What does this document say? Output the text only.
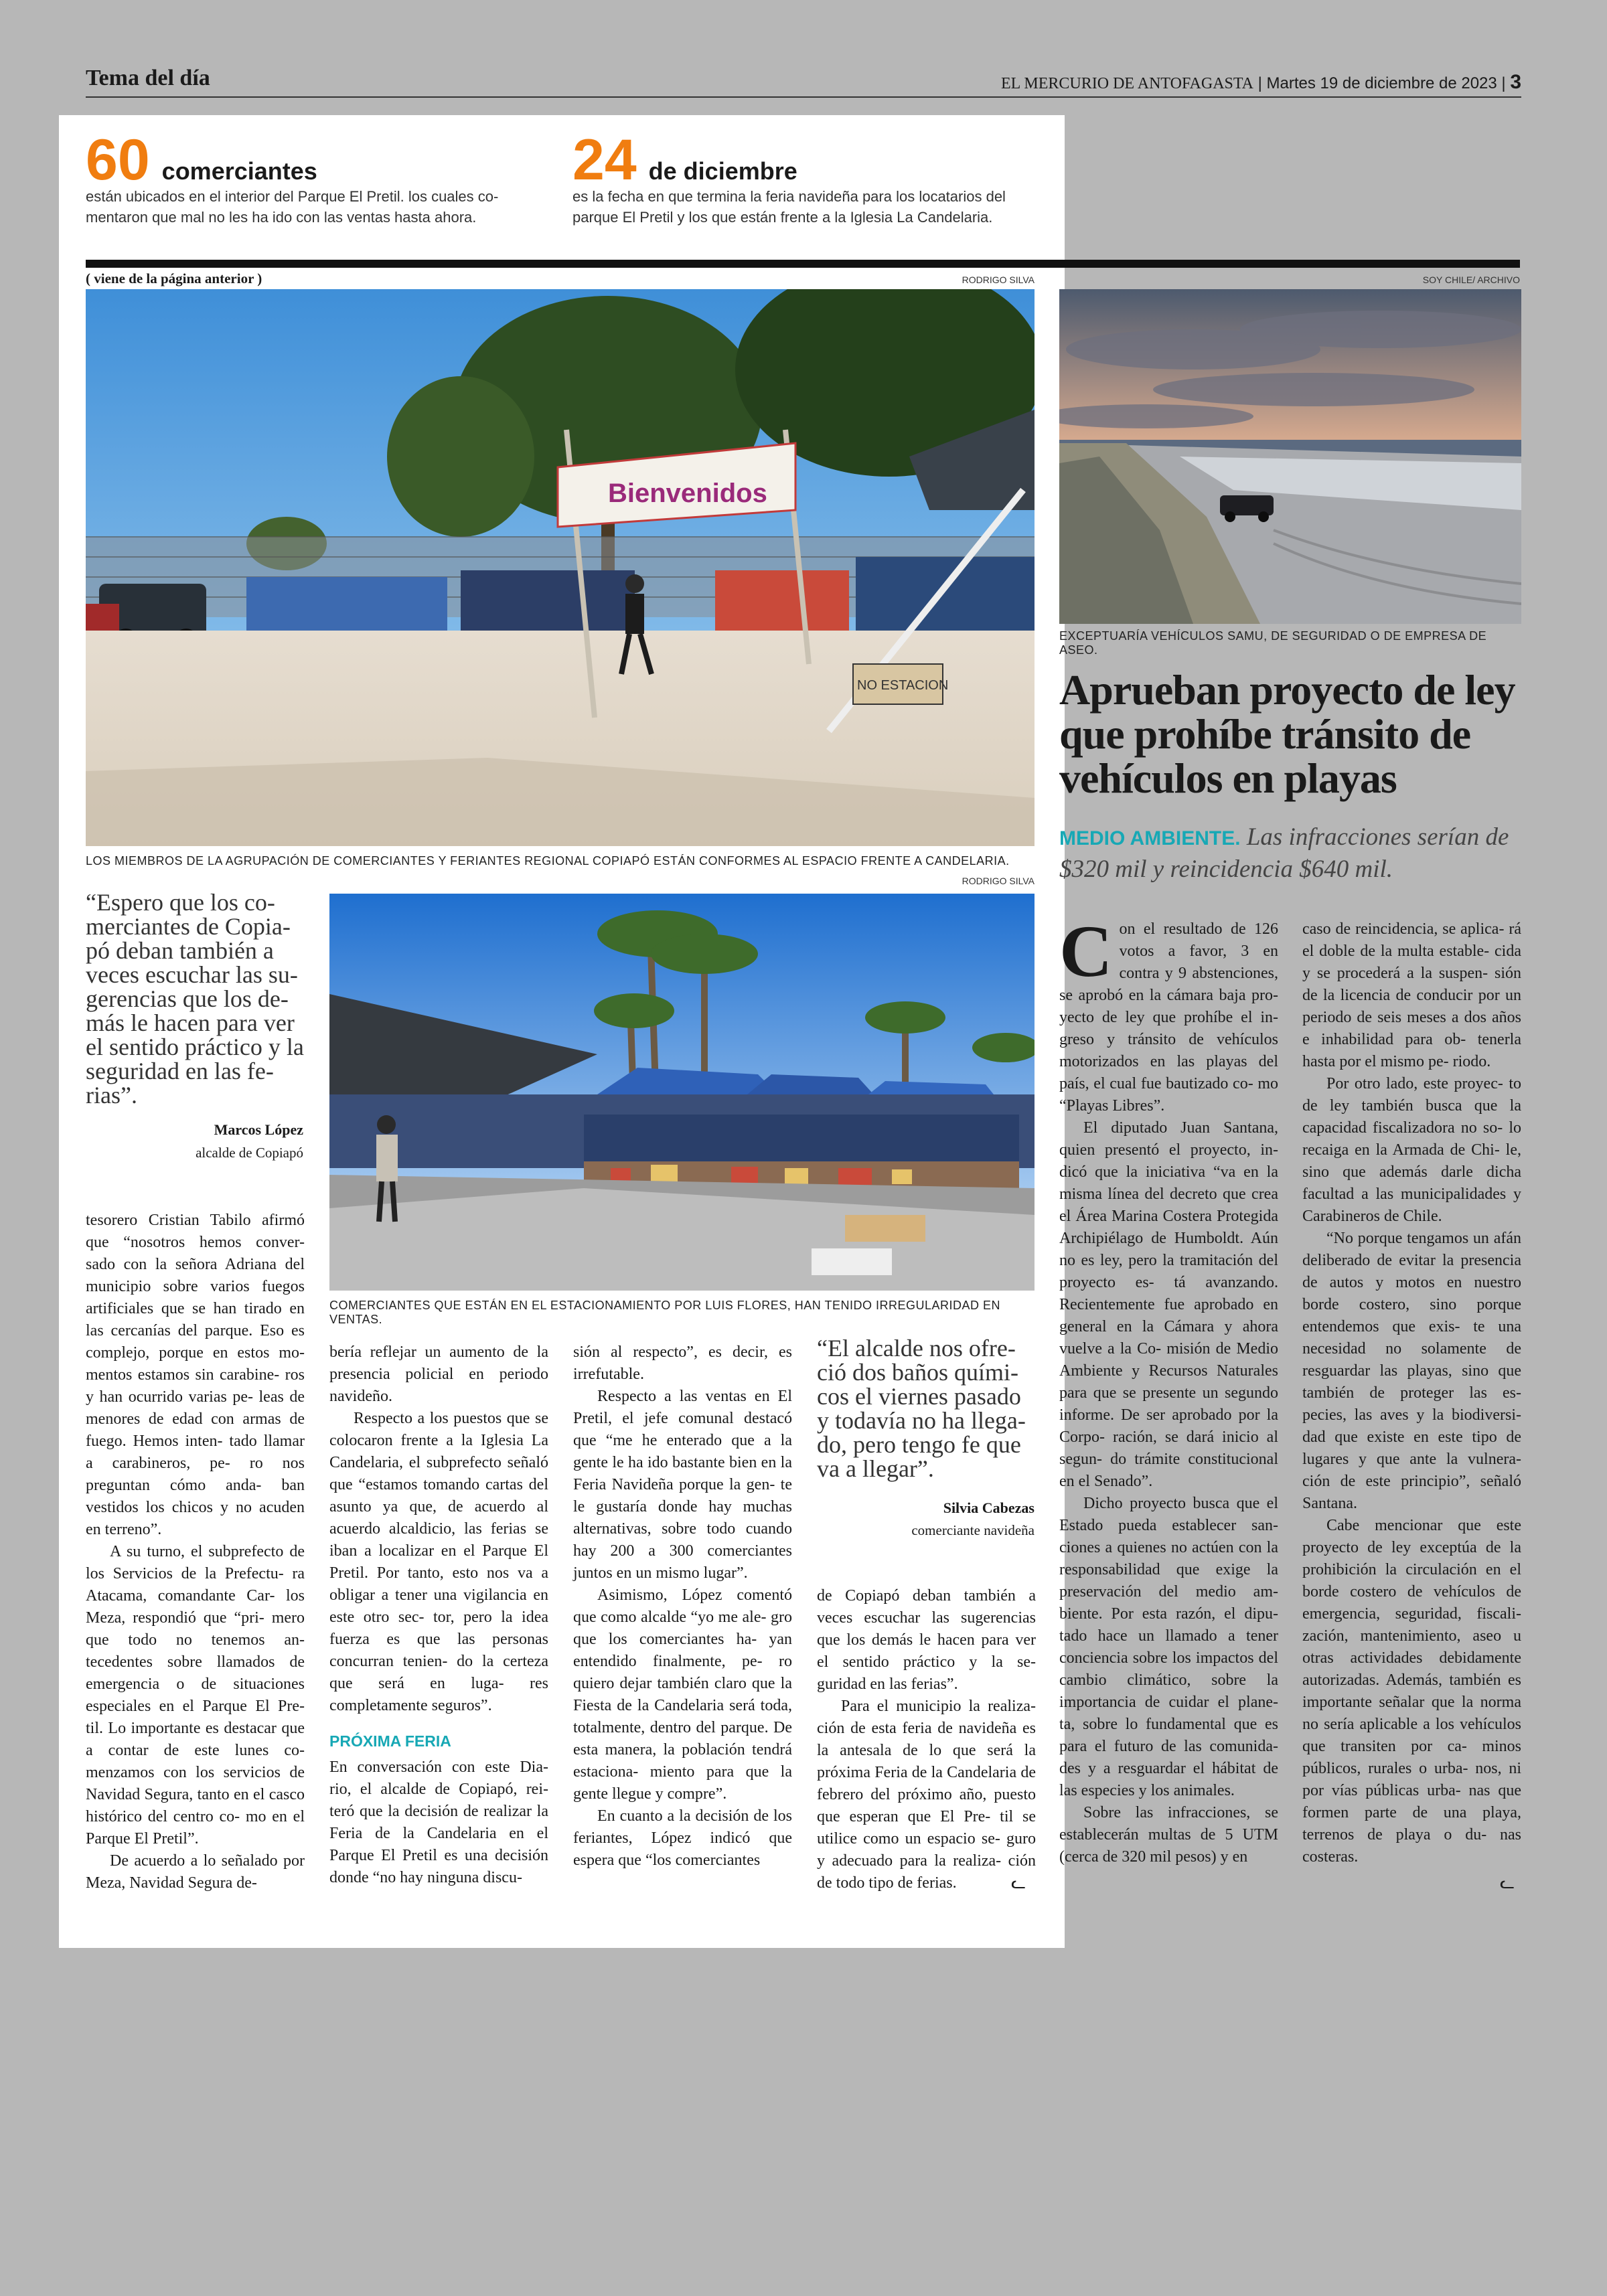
Tema del día	EL MERCURIO DE ANTOFAGASTA | Martes 19 de diciembre de 2023 | 3
60 comerciantes
están ubicados en el interior del Parque El Pretil. los cuales co- mentaron que mal no les ha ido con las ventas hasta ahora.
24 de diciembre
es la fecha en que termina la feria navideña para los locatarios del parque El Pretil y los que están frente a la Iglesia La Candelaria.
( viene de la página anterior )	RODRIGO SILVA	SOY CHILE/ ARCHIVO
Bienvenidos
NO ESTACION
LOS MIEMBROS DE LA AGRUPACIÓN DE COMERCIANTES Y FERIANTES REGIONAL COPIAPÓ ESTÁN CONFORMES AL ESPACIO FRENTE A CANDELARIA.
RODRIGO SILVA
“Espero que los co- merciantes de Copia- pó deban también a veces escuchar las su- gerencias que los de- más le hacen para ver el sentido práctico y la seguridad en las fe- rias”.
Marcos López
alcalde de Copiapó
COMERCIANTES QUE ESTÁN EN EL ESTACIONAMIENTO POR LUIS FLORES, HAN TENIDO IRREGULARIDAD EN VENTAS.

tesorero Cristian Tabilo afirmó que “nosotros hemos conver- sado con la señora Adriana del municipio sobre varios fuegos artificiales que se han tirado en las cercanías del parque. Eso es complejo, porque en estos mo- mentos estamos sin carabine- ros y han ocurrido varias pe- leas de menores de edad con armas de fuego. Hemos inten- tado llamar a carabineros, pe- ro nos preguntan cómo anda- ban vestidos los chicos y no acuden en terreno”.

A su turno, el subprefecto de los Servicios de la Prefectu- ra Atacama, comandante Car- los Meza, respondió que “pri- mero que todo no tenemos an- tecedentes sobre llamados de emergencia o de situaciones especiales en el Parque El Pre- til. Lo importante es destacar que a contar de este lunes co- menzamos con los servicios de Navidad Segura, tanto en el casco histórico del centro co- mo en el Parque El Pretil”.

De acuerdo a lo señalado por Meza, Navidad Segura de-

bería reflejar un aumento de la presencia policial en periodo navideño.

Respecto a los puestos que se colocaron frente a la Iglesia La Candelaria, el subprefecto señaló que “estamos tomando cartas del asunto ya que, de acuerdo al acuerdo alcaldicio, las ferias se iban a localizar en el Parque El Pretil. Por tanto, esto nos va a obligar a tener una vigilancia en este otro sec- tor, pero la idea fuerza es que las personas concurran tenien- do la certeza que será en luga- res completamente seguros”.

PRÓXIMA FERIA

En conversación con este Dia- rio, el alcalde de Copiapó, rei- teró que la decisión de realizar la Feria de la Candelaria en el Parque El Pretil es una decisión donde “no hay ninguna discu-

sión al respecto”, es decir, es irrefutable.

Respecto a las ventas en El Pretil, el jefe comunal destacó que “me he enterado que a la gente le ha ido bastante bien en la Feria Navideña porque la gen- te le gustaría donde hay muchas alternativas, sobre todo cuando hay 200 a 300 comerciantes juntos en un mismo lugar”.

Asimismo, López comentó que como alcalde “yo me ale- gro que los comerciantes ha- yan entendido finalmente, pe- ro quiero dejar también claro que la Fiesta de la Candelaria será toda, totalmente, dentro del parque. De esta manera, la población tendrá estaciona- miento para que la gente llegue y compre”.

En cuanto a la decisión de los feriantes, López indicó que espera que “los comerciantes

“El alcalde nos ofre- ció dos baños quími- cos el viernes pasado y todavía no ha llega- do, pero tengo fe que va a llegar”.
Silvia Cabezas
comerciante navideña

de Copiapó deban también a veces escuchar las sugerencias que los demás le hacen para ver el sentido práctico y la se- guridad en las ferias”.

Para el municipio la realiza- ción de esta feria de navideña es la antesala de lo que será la próxima Feria de la Candelaria de febrero del próximo año, puesto que esperan que El Pre- til se utilice como un espacio se- guro y adecuado para la realiza- ción de todo tipo de ferias.	ᓚ
EXCEPTUARÍA VEHÍCULOS SAMU, DE SEGURIDAD O DE EMPRESA DE ASEO.
Aprueban proyecto de ley que prohíbe tránsito de vehículos en playas
MEDIO AMBIENTE. Las infracciones serían de $320 mil y reincidencia $640 mil.

Con el resultado de 126 votos a favor, 3 en contra y 9 abstenciones, se aprobó en la cámara baja pro- yecto de ley que prohíbe el in- greso y tránsito de vehículos motorizados en las playas del país, el cual fue bautizado co- mo “Playas Libres”.

El diputado Juan Santana, quien presentó el proyecto, in- dicó que la iniciativa “va en la misma línea del decreto que crea el Área Marina Costera Protegida Archipiélago de Humboldt. Aún no es ley, pero la tramitación del proyecto es- tá avanzando. Recientemente fue aprobado en general en la Cámara y ahora vuelve a la Co- misión de Medio Ambiente y Recursos Naturales para que se presente un segundo informe. De ser aprobado por la Corpo- ración, se dará inicio al segun- do trámite constitucional en el Senado”.

Dicho proyecto busca que el Estado pueda establecer san- ciones a quienes no actúen con la responsabilidad que exige la preservación del medio am- biente. Por esta razón, el dipu- tado hace un llamado a tener conciencia sobre los impactos del cambio climático, sobre la importancia de cuidar el plane- ta, sobre lo fundamental que es para el futuro de las comunida- des y a resguardar el hábitat de las especies y los animales.

Sobre las infracciones, se establecerán multas de 5 UTM (cerca de 320 mil pesos) y en

caso de reincidencia, se aplica- rá el doble de la multa estable- cida y se procederá a la suspen- sión de la licencia de conducir por un periodo de seis meses a dos años e inhabilidad para ob- tenerla hasta por el mismo pe- riodo.

Por otro lado, este proyec- to de ley también busca que la capacidad fiscalizadora no so- lo recaiga en la Armada de Chi- le, sino que además darle dicha facultad a las municipalidades y Carabineros de Chile.

“No porque tengamos un afán deliberado de evitar la presencia de autos y motos en nuestro borde costero, sino porque entendemos que exis- te una necesidad no solamente de resguardar las playas, sino que también de proteger las es- pecies, las aves y la biodiversi- dad que existe en este tipo de lugares y que ante la vulnera- ción de este principio”, señaló Santana.

Cabe mencionar que este proyecto de ley exceptúa de la prohibición la circulación en el borde costero de vehículos de emergencia, seguridad, fiscali- zación, mantenimiento, aseo u otras actividades debidamente autorizadas. Además, también es importante señalar que la norma no sería aplicable a los vehículos que transiten por ca- minos públicos, rurales o urba- nos, ni por vías públicas urba- nas que formen parte de una playa, terrenos de playa o du- nas costeras.

ᓚ
